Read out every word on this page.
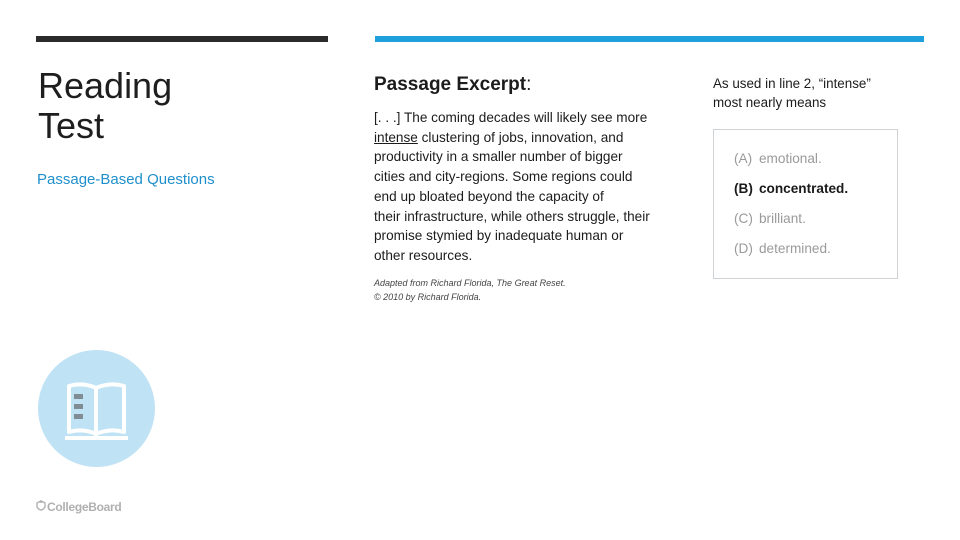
Reading
Test
Passage-Based Questions
Passage Excerpt:

[. . .] The coming decades will likely see more

intense clustering of jobs, innovation, and

productivity in a smaller number of bigger

cities and city-regions. Some regions could

end up bloated beyond the capacity of

their infrastructure, while others struggle, their

promise stymied by inadequate human or

other resources.

Adapted from Richard Florida, The Great Reset.

© 2010 by Richard Florida.

As used in line 2, “intense”

most nearly means

(A) emotional.
(B) concentrated.
(C) brilliant.
(D) determined.
CollegeBoard
